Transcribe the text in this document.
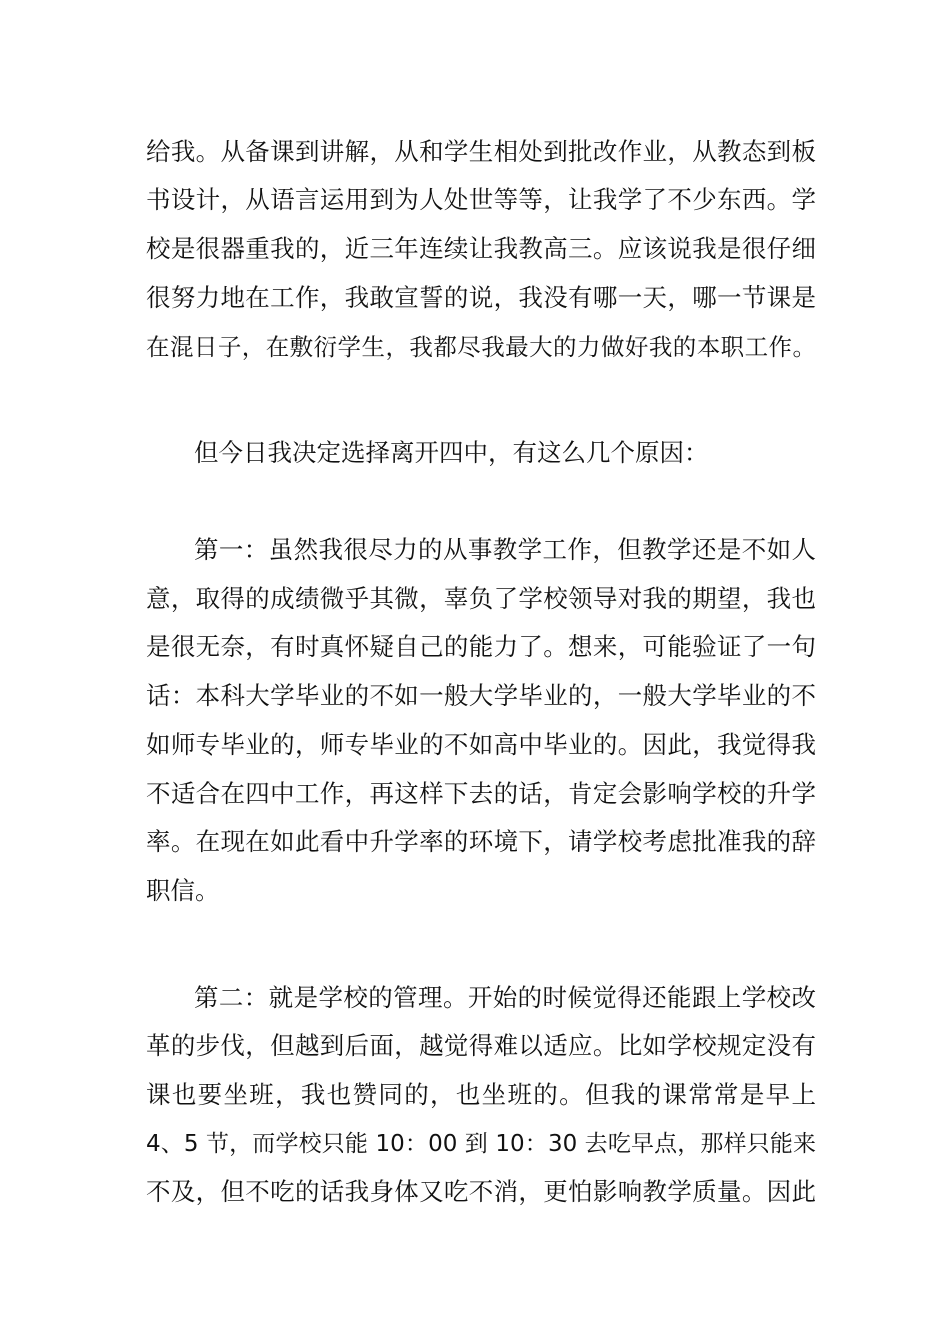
给我。从备课到讲解，从和学生相处到批改作业，从教态到板
书设计，从语言运用到为人处世等等，让我学了不少东西。学
校是很器重我的，近三年连续让我教高三。应该说我是很仔细
很努力地在工作，我敢宣誓的说，我没有哪一天，哪一节课是
在混日子，在敷衍学生，我都尽我最大的力做好我的本职工作。
但今日我决定选择离开四中，有这么几个原因：
第一：虽然我很尽力的从事教学工作，但教学还是不如人
意，取得的成绩微乎其微，辜负了学校领导对我的期望，我也
是很无奈，有时真怀疑自己的能力了。想来，可能验证了一句
话：本科大学毕业的不如一般大学毕业的，一般大学毕业的不
如师专毕业的，师专毕业的不如高中毕业的。因此，我觉得我
不适合在四中工作，再这样下去的话，肯定会影响学校的升学
率。在现在如此看中升学率的环境下，请学校考虑批准我的辞
职信。
第二：就是学校的管理。开始的时候觉得还能跟上学校改
革的步伐，但越到后面，越觉得难以适应。比如学校规定没有
课也要坐班，我也赞同的，也坐班的。但我的课常常是早上
4、5 节，而学校只能 10：00 到 10：30 去吃早点，那样只能来
不及，但不吃的话我身体又吃不消，更怕影响教学质量。因此
